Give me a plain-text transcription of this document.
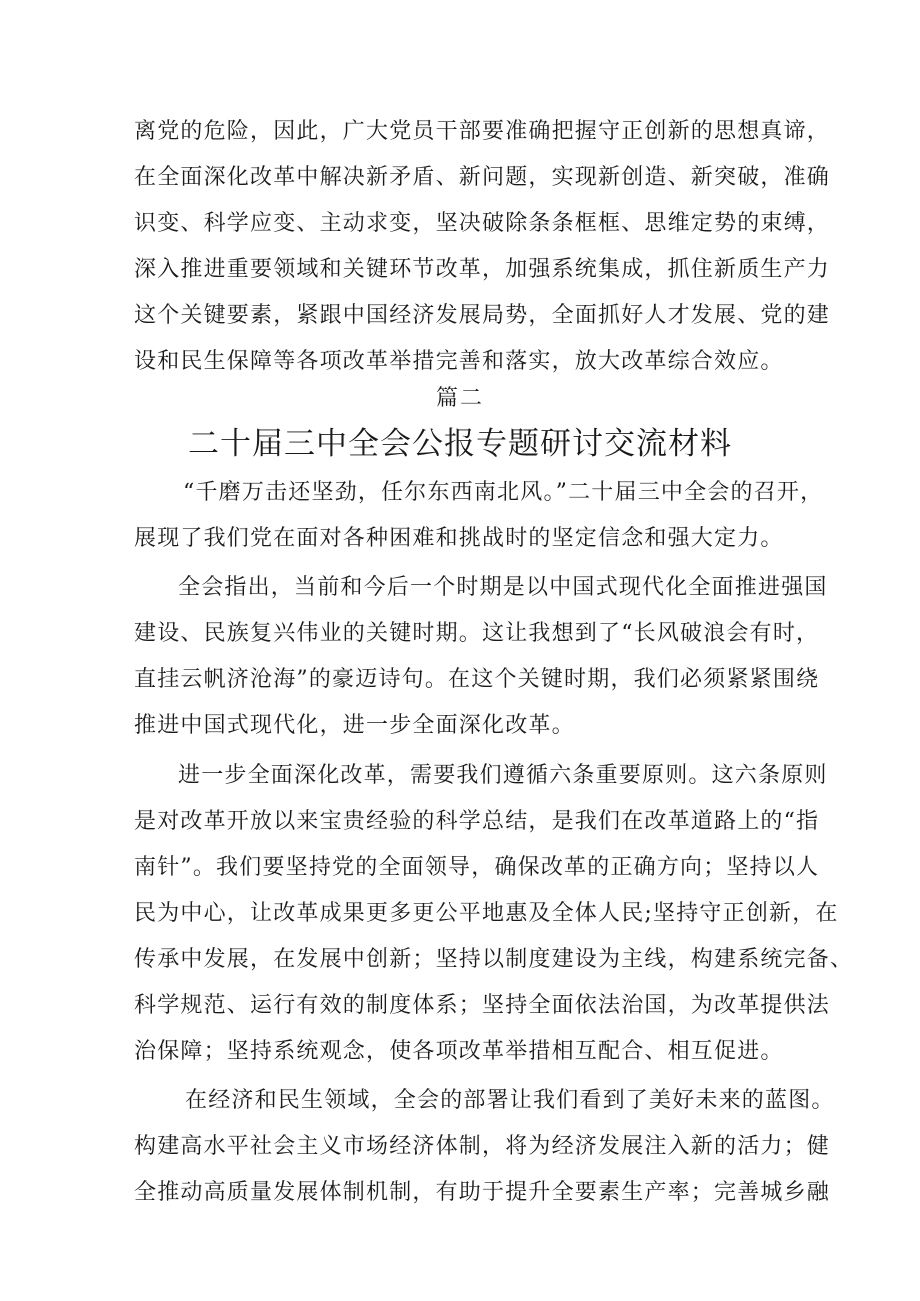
离党的危险，因此，广大党员干部要准确把握守正创新的思想真谛，
在全面深化改革中解决新矛盾、新问题，实现新创造、新突破，准确
识变、科学应变、主动求变，坚决破除条条框框、思维定势的束缚，
深入推进重要领域和关键环节改革，加强系统集成，抓住新质生产力
这个关键要素，紧跟中国经济发展局势，全面抓好人才发展、党的建
设和民生保障等各项改革举措完善和落实，放大改革综合效应。
篇二
二十届三中全会公报专题研讨交流材料
“千磨万击还坚劲，任尔东西南北风。”二十届三中全会的召开，
展现了我们党在面对各种困难和挑战时的坚定信念和强大定力。
全会指出，当前和今后一个时期是以中国式现代化全面推进强国
建设、民族复兴伟业的关键时期。这让我想到了“长风破浪会有时，
直挂云帆济沧海”的豪迈诗句。在这个关键时期，我们必须紧紧围绕
推进中国式现代化，进一步全面深化改革。
进一步全面深化改革，需要我们遵循六条重要原则。这六条原则
是对改革开放以来宝贵经验的科学总结，是我们在改革道路上的“指
南针”。我们要坚持党的全面领导，确保改革的正确方向；坚持以人
民为中心，让改革成果更多更公平地惠及全体人民;坚持守正创新，在
传承中发展，在发展中创新；坚持以制度建设为主线，构建系统完备、
科学规范、运行有效的制度体系；坚持全面依法治国，为改革提供法
治保障；坚持系统观念，使各项改革举措相互配合、相互促进。
在经济和民生领域，全会的部署让我们看到了美好未来的蓝图。
构建高水平社会主义市场经济体制，将为经济发展注入新的活力；健
全推动高质量发展体制机制，有助于提升全要素生产率；完善城乡融
